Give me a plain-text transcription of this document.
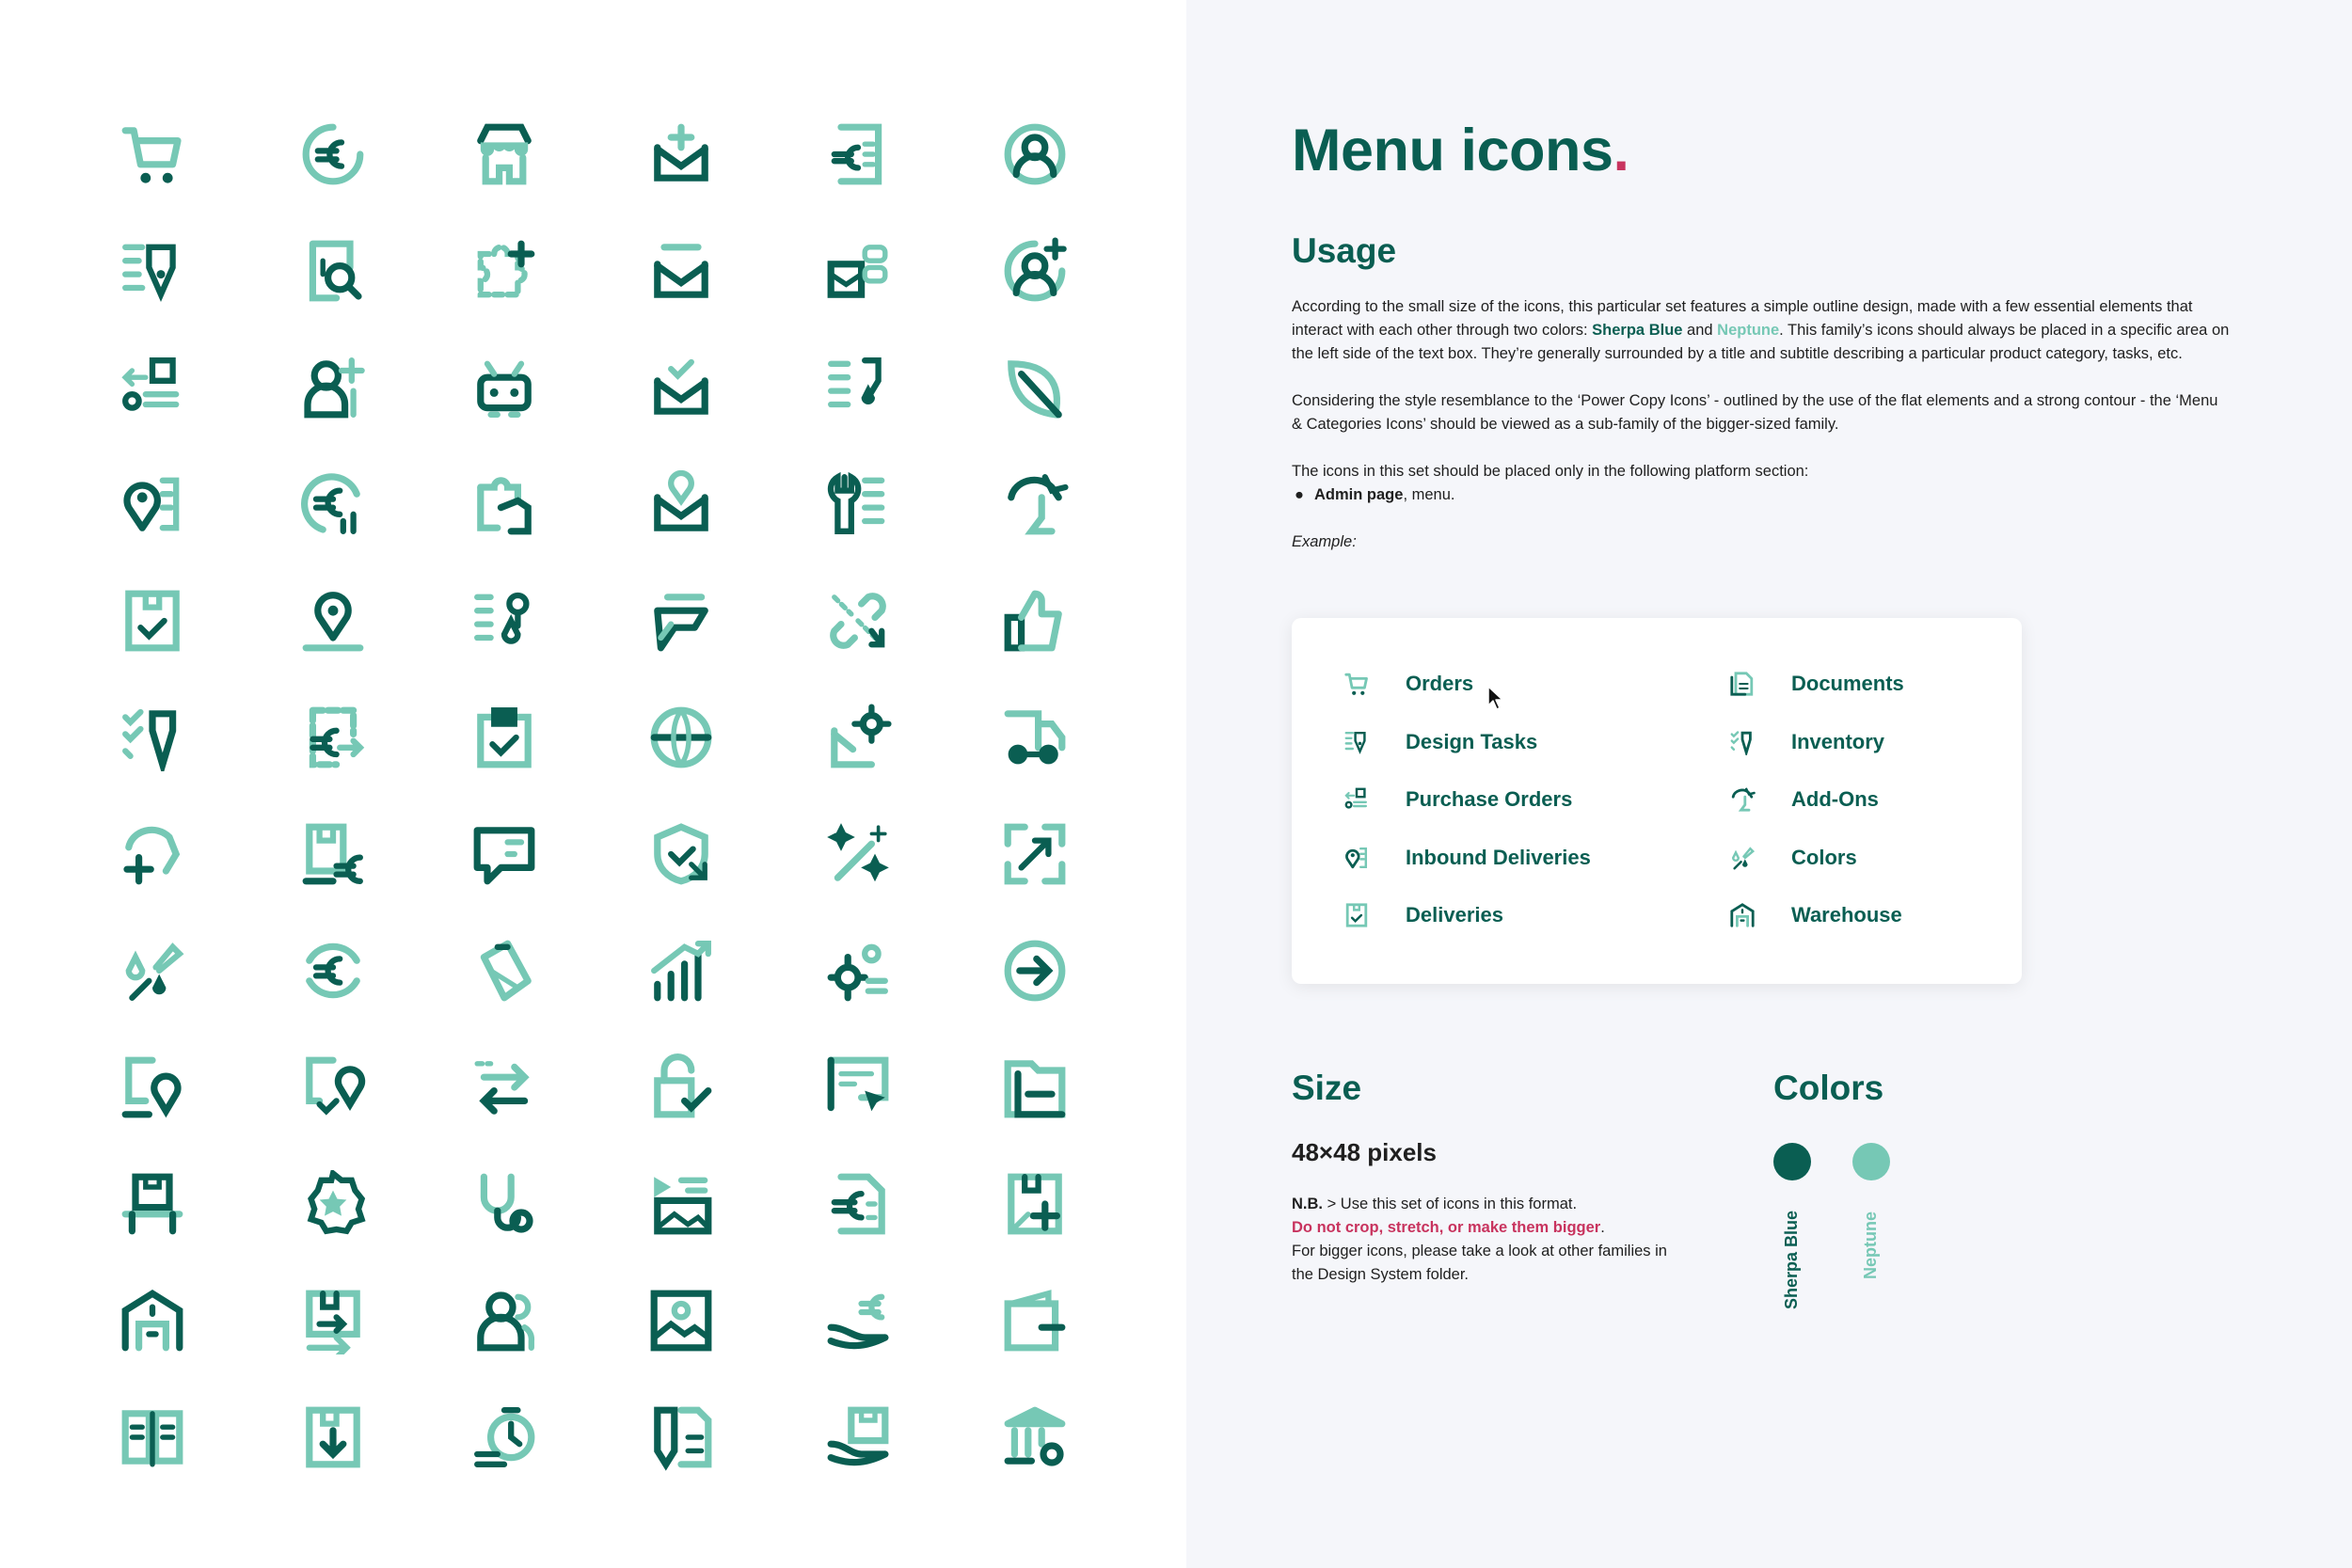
Menu icons.
Usage

According to the small size of the icons, this particular set features a simple outline design, made with a few essential elements that interact with each other through two colors: Sherpa Blue and Neptune. This family’s icons should always be placed in a specific area on the left side of the text box. They’re generally surrounded by a title and subtitle describing a particular product category, tasks, etc.

Considering the style resemblance to the ‘Power Copy Icons’ - outlined by the use of the flat elements and a strong contour - the ‘Menu & Categories Icons’ should be viewed as a sub-family of the bigger-sized family.

The icons in this set should be placed only in the following platform section:
● Admin page, menu.

Example:

Orders
Design Tasks
Purchase Orders
Inbound Deliveries
Deliveries
Documents
Inventory
Add-Ons
Colors
Warehouse
Size
48×48 pixels
N.B. > Use this set of icons in this format.
Do not crop, stretch, or make them bigger.
For bigger icons, please take a look at other families in the Design System folder.
Colors
Sherpa Blue	Neptune
